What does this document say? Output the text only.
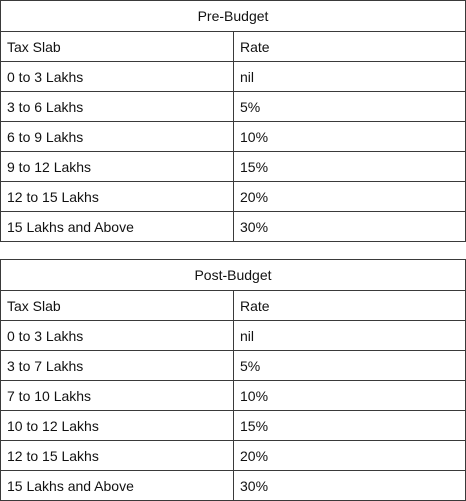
Pre-Budget	
Tax Slab	Rate
0 to 3 Lakhs	nil
3 to 6 Lakhs	5%
6 to 9 Lakhs	10%
9 to 12 Lakhs	15%
12 to 15 Lakhs	20%
15 Lakhs and Above	30%
Post-Budget	
Tax Slab	Rate
0 to 3 Lakhs	nil
3 to 7 Lakhs	5%
7 to 10 Lakhs	10%
10 to 12 Lakhs	15%
12 to 15 Lakhs	20%
15 Lakhs and Above	30%
